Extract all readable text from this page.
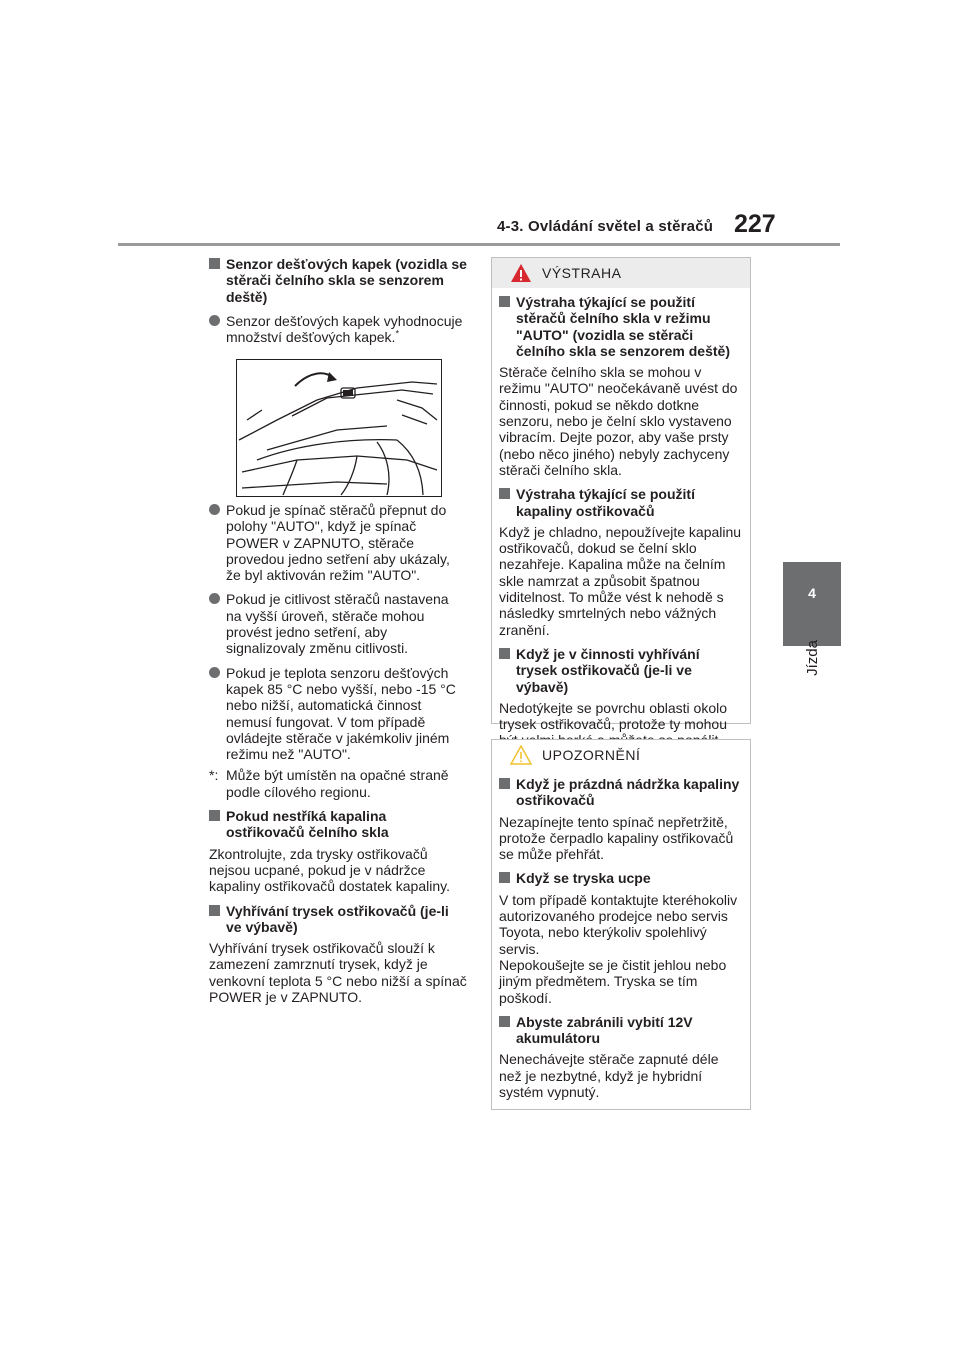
4-3. Ovládání světel a stěračů 227
4
Jízda

Senzor dešťových kapek (vozidla se stěrači čelního skla se senzorem deště)

Senzor dešťových kapek vyhodnocuje množství dešťových kapek.*

Pokud je spínač stěračů přepnut do polohy "AUTO", když je spínač POWER v ZAPNUTO, stěrače provedou jedno setření aby ukázaly, že byl aktivován režim "AUTO".

Pokud je citlivost stěračů nastavena na vyšší úroveň, stěrače mohou provést jedno setření, aby signalizovaly změnu citlivosti.

Pokud je teplota senzoru dešťových kapek 85 °C nebo vyšší, nebo -15 °C nebo nižší, automatická činnost nemusí fungovat. V tom případě ovládejte stěrače v jakémkoliv jiném režimu než "AUTO".

*: Může být umístěn na opačné straně podle cílového regionu.

Pokud nestříká kapalina ostřikovačů čelního skla

Zkontrolujte, zda trysky ostřikovačů nejsou ucpané, pokud je v nádržce kapaliny ostřikovačů dostatek kapaliny.

Vyhřívání trysek ostřikovačů (je-li ve výbavě)

Vyhřívání trysek ostřikovačů slouží k zamezení zamrznutí trysek, když je venkovní teplota 5 °C nebo nižší a spínač POWER je v ZAPNUTO.

VÝSTRAHA

Výstraha týkající se použití stěračů čelního skla v režimu "AUTO" (vozidla se stěrači čelního skla se senzorem deště)

Stěrače čelního skla se mohou v režimu "AUTO" neočekávaně uvést do činnosti, pokud se někdo dotkne senzoru, nebo je čelní sklo vystaveno vibracím. Dejte pozor, aby vaše prsty (nebo něco jiného) nebyly zachyceny stěrači čelního skla.

Výstraha týkající se použití kapaliny ostřikovačů

Když je chladno, nepoužívejte kapalinu ostřikovačů, dokud se čelní sklo nezahřeje. Kapalina může na čelním skle namrzat a způsobit špatnou viditelnost. To může vést k nehodě s následky smrtelných nebo vážných zranění.

Když je v činnosti vyhřívání trysek ostřikovačů (je-li ve výbavě)

Nedotýkejte se povrchu oblasti okolo trysek ostřikovačů, protože ty mohou

UPOZORNĚNÍ

Když je prázdná nádržka kapaliny ostřikovačů

Nezapínejte tento spínač nepřetržitě, protože čerpadlo kapaliny ostřikovačů se může přehřát.

Když se tryska ucpe

V tom případě kontaktujte kteréhokoliv autorizovaného prodejce nebo servis Toyota, nebo kterýkoliv spolehlivý servis.

Nepokoušejte se je čistit jehlou nebo jiným předmětem. Tryska se tím poškodí.

Abyste zabránili vybití 12V akumulátoru

Nenechávejte stěrače zapnuté déle než je nezbytné, když je hybridní systém vypnutý.
